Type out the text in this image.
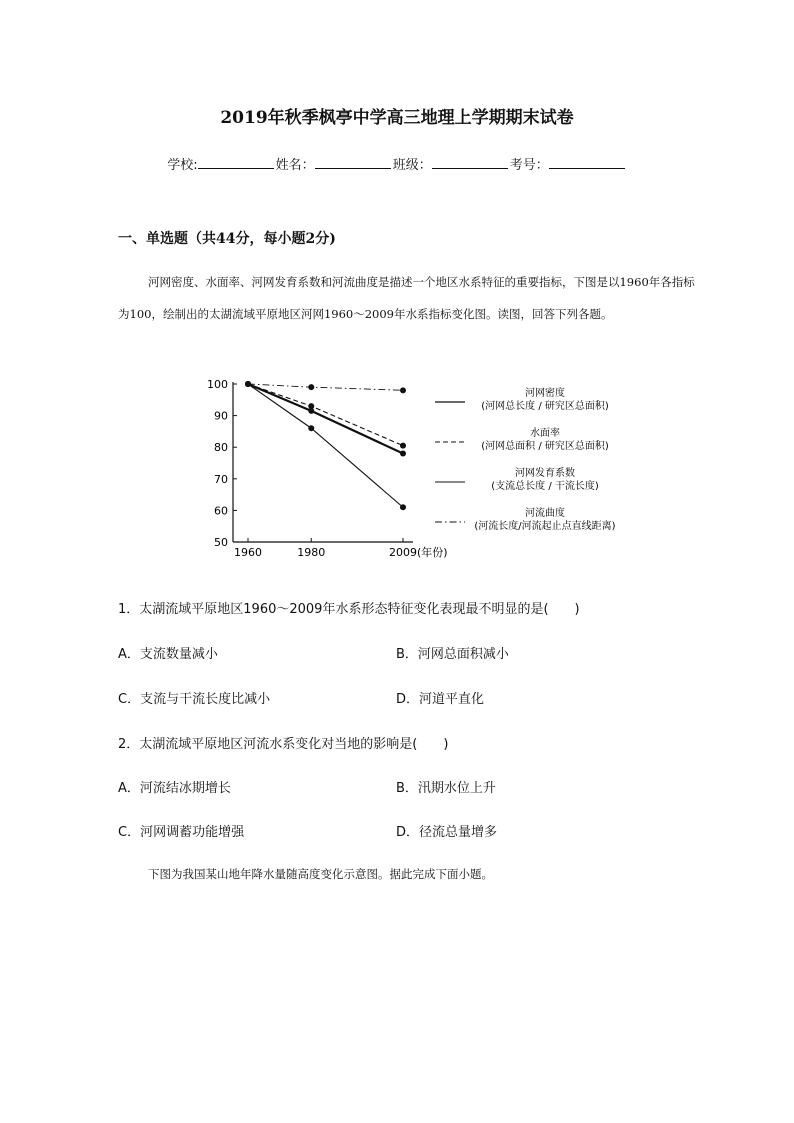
2019年秋季枫亭中学高三地理上学期期末试卷
学校:	姓名：	班级：	考号：
一、单选题（共44分，每小题2分)
河网密度、水面率、河网发育系数和河流曲度是描述一个地区水系特征的重要指标，下图是以1960年各指标为100，绘制出的太湖流域平原地区河网1960～2009年水系指标变化图。读图，回答下列各题。
50
60
70
80
90
100
1960	1980	2009 (年份)
河网密度
(河网总长度 / 研究区总面积)
水面率
(河网总面积 / 研究区总面积)
河网发育系数
(支流总长度 / 干流长度)
河流曲度
(河流长度/河流起止点直线距离)
1．太湖流域平原地区1960～2009年水系形态特征变化表现最不明显的是(　　)
A．支流数量减小	B．河网总面积减小
C．支流与干流长度比减小	D．河道平直化
2．太湖流域平原地区河流水系变化对当地的影响是(　　)
A．河流结冰期增长	B．汛期水位上升
C．河网调蓄功能增强	D．径流总量增多
下图为我国某山地年降水量随高度变化示意图。据此完成下面小题。
